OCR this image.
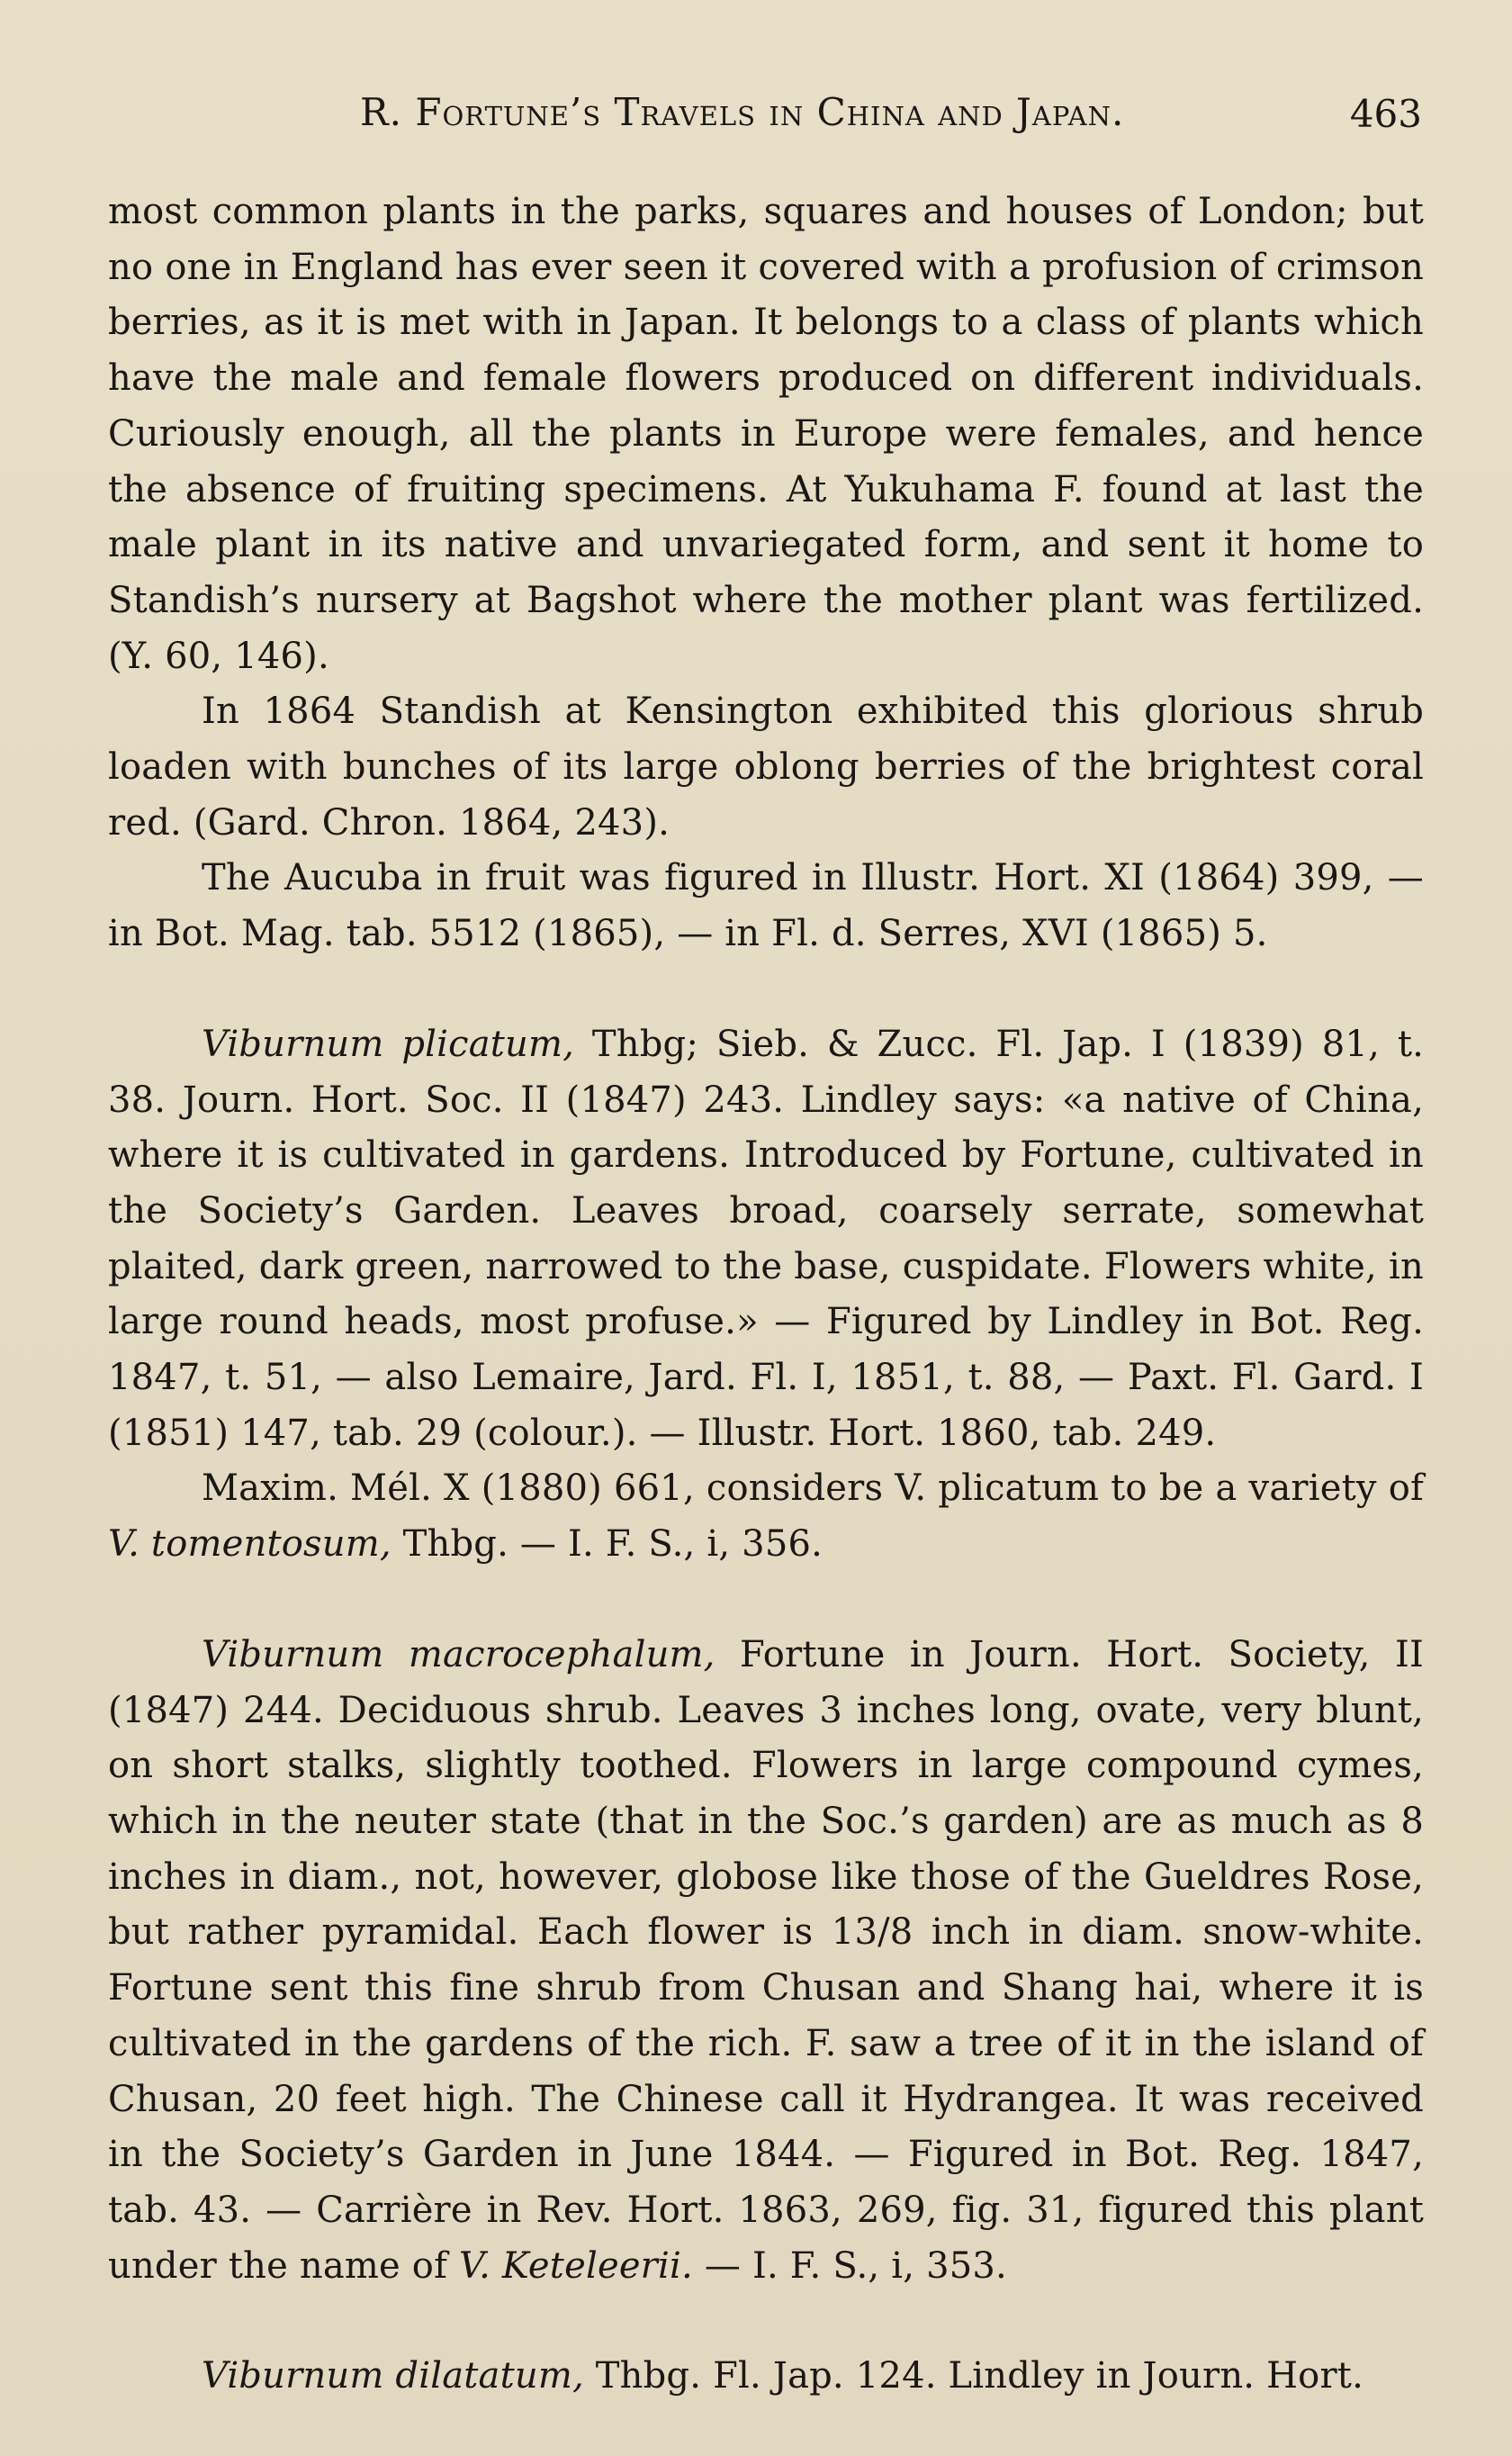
R. Fortune’s Travels in China and Japan.	463

most common plants in the parks, squares and houses of London; but no one in England has ever seen it covered with a profusion of crimson berries, as it is met with in Japan. It belongs to a class of plants which have the male and female flowers produced on different individuals. Curiously enough, all the plants in Europe were females, and hence the absence of fruiting specimens. At Yukuhama F. found at last the male plant in its native and unvariegated form, and sent it home to Standish’s nursery at Bagshot where the mother plant was fertilized. (Y. 60, 146).

In 1864 Standish at Kensington exhibited this glorious shrub loaden with bunches of its large oblong berries of the brightest coral red. (Gard. Chron. 1864, 243).

The Aucuba in fruit was figured in Illustr. Hort. XI (1864) 399, — in Bot. Mag. tab. 5512 (1865), — in Fl. d. Serres, XVI (1865) 5.

Viburnum plicatum, Thbg; Sieb. & Zucc. Fl. Jap. I (1839) 81, t. 38. Journ. Hort. Soc. II (1847) 243. Lindley says: «a native of China, where it is cultivated in gardens. Introduced by Fortune, cultivated in the Society’s Garden. Leaves broad, coarsely serrate, somewhat plaited, dark green, narrowed to the base, cuspidate. Flowers white, in large round heads, most profuse.» — Figured by Lindley in Bot. Reg. 1847, t. 51, — also Lemaire, Jard. Fl. I, 1851, t. 88, — Paxt. Fl. Gard. I (1851) 147, tab. 29 (colour.). — Illustr. Hort. 1860, tab. 249.

Maxim. Mél. X (1880) 661, considers V. plicatum to be a variety of V. tomentosum, Thbg. — I. F. S., i, 356.

Viburnum macrocephalum, Fortune in Journ. Hort. Society, II (1847) 244. Deciduous shrub. Leaves 3 inches long, ovate, very blunt, on short stalks, slightly toothed. Flowers in large compound cymes, which in the neuter state (that in the Soc.’s garden) are as much as 8 inches in diam., not, however, globose like those of the Gueldres Rose, but rather pyramidal. Each flower is 13/8 inch in diam. snow-white. Fortune sent this fine shrub from Chusan and Shang hai, where it is cultivated in the gardens of the rich. F. saw a tree of it in the island of Chusan, 20 feet high. The Chinese call it Hydrangea. It was received in the Society’s Garden in June 1844. — Figured in Bot. Reg. 1847, tab. 43. — Carrière in Rev. Hort. 1863, 269, fig. 31, figured this plant under the name of V. Keteleerii. — I. F. S., i, 353.

Viburnum dilatatum, Thbg. Fl. Jap. 124. Lindley in Journ. Hort.
